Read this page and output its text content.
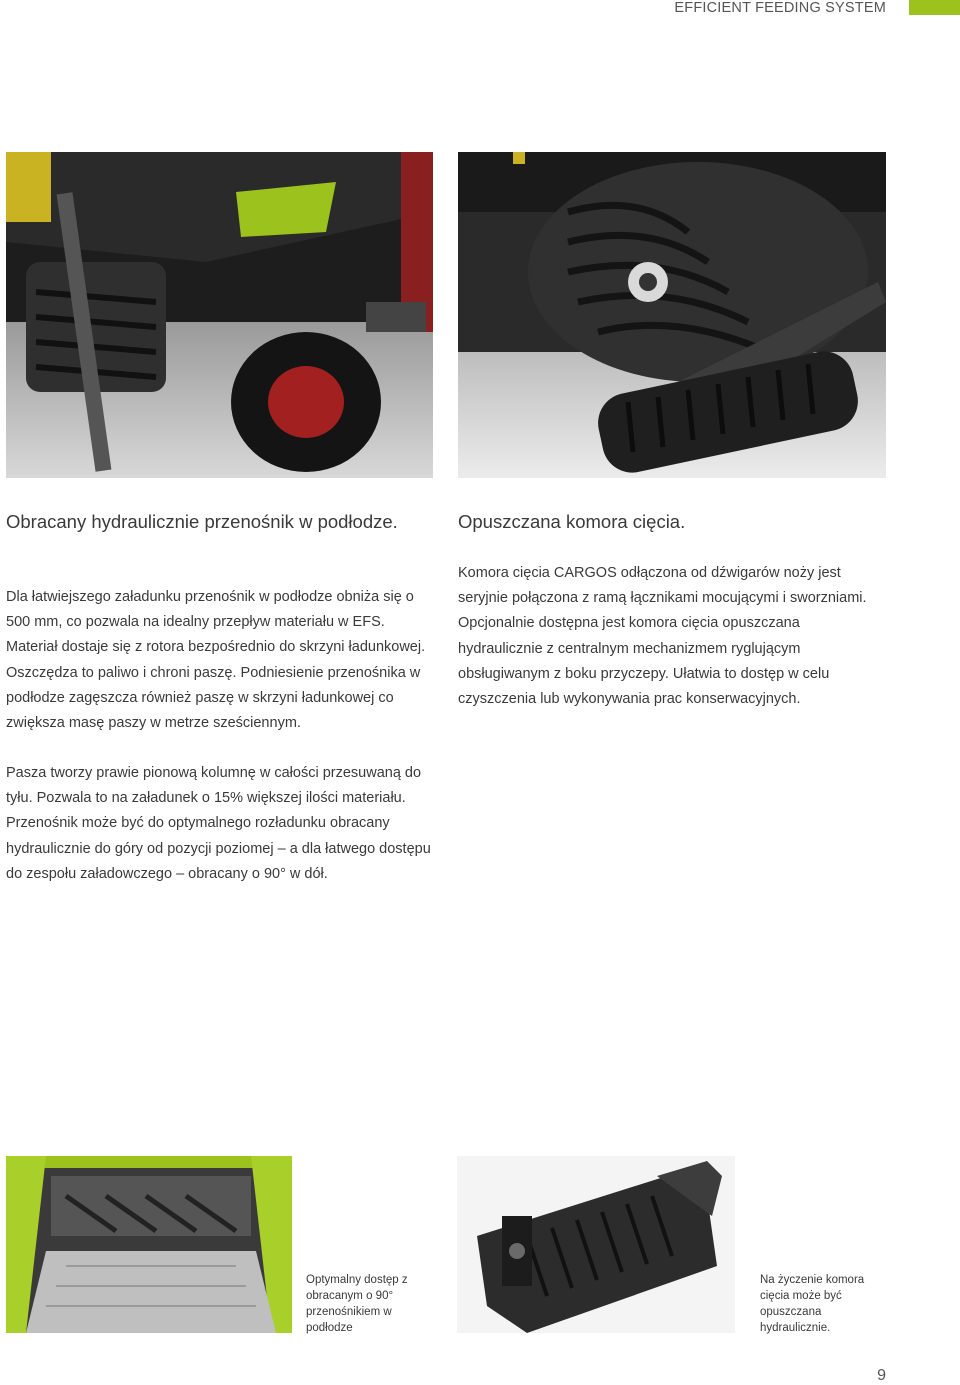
EFFICIENT FEEDING SYSTEM
Obracany hydraulicznie przenośnik w podłodze.

Dla łatwiejszego załadunku przenośnik w podłodze obniża się o 500 mm, co pozwala na idealny przepływ materiału w EFS. Materiał dostaje się z rotora bezpośrednio do skrzyni ładunkowej. Oszczędza to paliwo i chroni paszę. Podniesienie przenośnika w podłodze zagęszcza również paszę w skrzyni ładunkowej co zwiększa masę paszy w metrze sześciennym.

Pasza tworzy prawie pionową kolumnę w całości przesuwaną do tyłu. Pozwala to na załadunek o 15% większej ilości materiału. Przenośnik może być do optymalnego rozładunku obracany hydraulicznie do góry od pozycji poziomej – a dla łatwego dostępu do zespołu załadowczego – obracany o 90° w dół.

Opuszczana komora cięcia.

Komora cięcia CARGOS odłączona od dźwigarów noży jest seryjnie połączona z ramą łącznikami mocującymi i sworzniami. Opcjonalnie dostępna jest komora cięcia opuszczana hydraulicznie z centralnym mechanizmem ryglującym obsługiwanym z boku przyczepy. Ułatwia to dostęp w celu czyszczenia lub wykonywania prac konserwacyjnych.

Optymalny dostęp z obracanym o 90° przenośnikiem w podłodze

Na życzenie komora cięcia może być opuszczana hydraulicznie.

9
